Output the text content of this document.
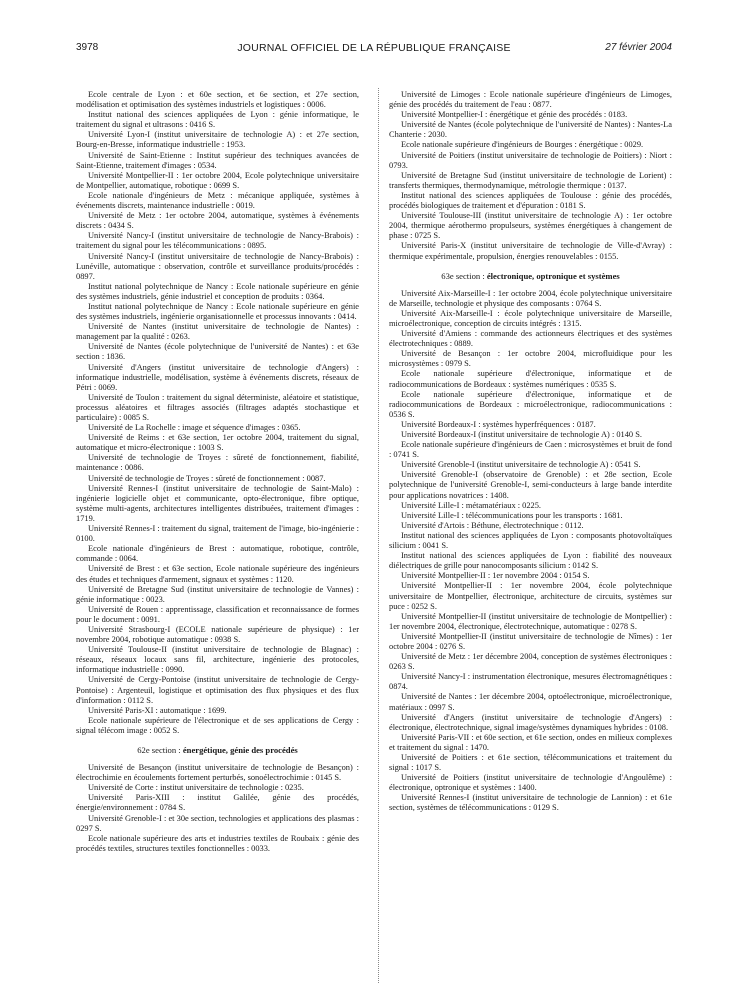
3978	JOURNAL OFFICIEL DE LA RÉPUBLIQUE FRANÇAISE	27 février 2004

Ecole centrale de Lyon : et 60e section, et 6e section, et 27e section, modélisation et optimisation des systèmes industriels et logistiques : 0006.

Institut national des sciences appliquées de Lyon : génie informatique, le traitement du signal et ultrasons : 0416 S.

Université Lyon-I (institut universitaire de technologie A) : et 27e section, Bourg-en-Bresse, informatique industrielle : 1953.

Université de Saint-Etienne : Institut supérieur des techniques avancées de Saint-Etienne, traitement d'images : 0534.

Université Montpellier-II : 1er octobre 2004, Ecole polytechnique universitaire de Montpellier, automatique, robotique : 0699 S.

Ecole nationale d'ingénieurs de Metz : mécanique appliquée, systèmes à événements discrets, maintenance industrielle : 0019.

Université de Metz : 1er octobre 2004, automatique, systèmes à événements discrets : 0434 S.

Université Nancy-I (institut universitaire de technologie de Nancy-Brabois) : traitement du signal pour les télécommunications : 0895.

Université Nancy-I (institut universitaire de technologie de Nancy-Brabois) : Lunéville, automatique : observation, contrôle et surveillance produits/procédés : 0897.

Institut national polytechnique de Nancy : Ecole nationale supérieure en génie des systèmes industriels, génie industriel et conception de produits : 0364.

Institut national polytechnique de Nancy : Ecole nationale supérieure en génie des systèmes industriels, ingénierie organisationnelle et processus innovants : 0414.

Université de Nantes (institut universitaire de technologie de Nantes) : management par la qualité : 0263.

Université de Nantes (école polytechnique de l'université de Nantes) : et 63e section : 1836.

Université d'Angers (institut universitaire de technologie d'Angers) : informatique industrielle, modélisation, système à événements discrets, réseaux de Pétri : 0069.

Université de Toulon : traitement du signal déterministe, aléatoire et statistique, processus aléatoires et filtrages associés (filtrages adaptés stochastique et particulaire) : 0085 S.

Université de La Rochelle : image et séquence d'images : 0365.

Université de Reims : et 63e section, 1er octobre 2004, traitement du signal, automatique et micro-électronique : 1003 S.

Université de technologie de Troyes : sûreté de fonctionnement, fiabilité, maintenance : 0086.

Université de technologie de Troyes : sûreté de fonctionnement : 0087.

Université Rennes-I (institut universitaire de technologie de Saint-Malo) : ingénierie logicielle objet et communicante, opto-électronique, fibre optique, système multi-agents, architectures intelligentes distribuées, traitement d'images : 1719.

Université Rennes-I : traitement du signal, traitement de l'image, bio-ingénierie : 0100.

Ecole nationale d'ingénieurs de Brest : automatique, robotique, contrôle, commande : 0064.

Université de Brest : et 63e section, Ecole nationale supérieure des ingénieurs des études et techniques d'armement, signaux et systèmes : 1120.

Université de Bretagne Sud (institut universitaire de technologie de Vannes) : génie informatique : 0023.

Université de Rouen : apprentissage, classification et reconnaissance de formes pour le document : 0091.

Université Strasbourg-I (ECOLE nationale supérieure de physique) : 1er novembre 2004, robotique automatique : 0938 S.

Université Toulouse-II (institut universitaire de technologie de Blagnac) : réseaux, réseaux locaux sans fil, architecture, ingénierie des protocoles, informatique industrielle : 0990.

Université de Cergy-Pontoise (institut universitaire de technologie de Cergy-Pontoise) : Argenteuil, logistique et optimisation des flux physiques et des flux d'information : 0112 S.

Université Paris-XI : automatique : 1699.

Ecole nationale supérieure de l'électronique et de ses applications de Cergy : signal télécom image : 0052 S.

62e section : énergétique, génie des procédés

Université de Besançon (institut universitaire de technologie de Besançon) : électrochimie en écoulements fortement perturbés, sonoélectrochimie : 0145 S.

Université de Corte : institut universitaire de technologie : 0235.

Université Paris-XIII : institut Galilée, génie des procédés, énergie/environnement : 0784 S.

Université Grenoble-I : et 30e section, technologies et applications des plasmas : 0297 S.

Ecole nationale supérieure des arts et industries textiles de Roubaix : génie des procédés textiles, structures textiles fonctionnelles : 0033.

Université de Limoges : Ecole nationale supérieure d'ingénieurs de Limoges, génie des procédés du traitement de l'eau : 0877.

Université Montpellier-I : énergétique et génie des procédés : 0183.

Université de Nantes (école polytechnique de l'université de Nantes) : Nantes-La Chanterie : 2030.

Ecole nationale supérieure d'ingénieurs de Bourges : énergétique : 0029.

Université de Poitiers (institut universitaire de technologie de Poitiers) : Niort : 0793.

Université de Bretagne Sud (institut universitaire de technologie de Lorient) : transferts thermiques, thermodynamique, métrologie thermique : 0137.

Institut national des sciences appliquées de Toulouse : génie des procédés, procédés biologiques de traitement et d'épuration : 0181 S.

Université Toulouse-III (institut universitaire de technologie A) : 1er octobre 2004, thermique aérothermo propulseurs, systèmes énergétiques à changement de phase : 0725 S.

Université Paris-X (institut universitaire de technologie de Ville-d'Avray) : thermique expérimentale, propulsion, énergies renouvelables : 0155.

63e section : électronique, optronique et systèmes

Université Aix-Marseille-I : 1er octobre 2004, école polytechnique universitaire de Marseille, technologie et physique des composants : 0764 S.

Université Aix-Marseille-I : école polytechnique universitaire de Marseille, microélectronique, conception de circuits intégrés : 1315.

Université d'Amiens : commande des actionneurs électriques et des systèmes électrotechniques : 0889.

Université de Besançon : 1er octobre 2004, microfluidique pour les microsystèmes : 0979 S.

Ecole nationale supérieure d'électronique, informatique et de radiocommunications de Bordeaux : systèmes numériques : 0535 S.

Ecole nationale supérieure d'électronique, informatique et de radiocommunications de Bordeaux : microélectronique, radiocommunications : 0536 S.

Université Bordeaux-I : systèmes hyperfréquences : 0187.

Université Bordeaux-I (institut universitaire de technologie A) : 0140 S.

Ecole nationale supérieure d'ingénieurs de Caen : microsystèmes et bruit de fond : 0741 S.

Université Grenoble-I (institut universitaire de technologie A) : 0541 S.

Université Grenoble-I (observatoire de Grenoble) : et 28e section, Ecole polytechnique de l'université Grenoble-I, semi-conducteurs à large bande interdite pour applications novatrices : 1408.

Université Lille-I : métamatériaux : 0225.

Université Lille-I : télécommunications pour les transports : 1681.

Université d'Artois : Béthune, électrotechnique : 0112.

Institut national des sciences appliquées de Lyon : composants photovoltaïques silicium : 0041 S.

Institut national des sciences appliquées de Lyon : fiabilité des nouveaux diélectriques de grille pour nanocomposants silicium : 0142 S.

Université Montpellier-II : 1er novembre 2004 : 0154 S.

Université Montpellier-II : 1er novembre 2004, école polytechnique universitaire de Montpellier, électronique, architecture de circuits, systèmes sur puce : 0252 S.

Université Montpellier-II (institut universitaire de technologie de Montpellier) : 1er novembre 2004, électronique, électrotechnique, automatique : 0278 S.

Université Montpellier-II (institut universitaire de technologie de Nîmes) : 1er octobre 2004 : 0276 S.

Université de Metz : 1er décembre 2004, conception de systèmes électroniques : 0263 S.

Université Nancy-I : instrumentation électronique, mesures électromagnétiques : 0874.

Université de Nantes : 1er décembre 2004, optoélectronique, microélectronique, matériaux : 0997 S.

Université d'Angers (institut universitaire de technologie d'Angers) : électronique, électrotechnique, signal image/systèmes dynamiques hybrides : 0108.

Université Paris-VII : et 60e section, et 61e section, ondes en milieux complexes et traitement du signal : 1470.

Université de Poitiers : et 61e section, télécommunications et traitement du signal : 1017 S.

Université de Poitiers (institut universitaire de technologie d'Angoulême) : électronique, optronique et systèmes : 1400.

Université Rennes-I (institut universitaire de technologie de Lannion) : et 61e section, systèmes de télécommunications : 0129 S.
